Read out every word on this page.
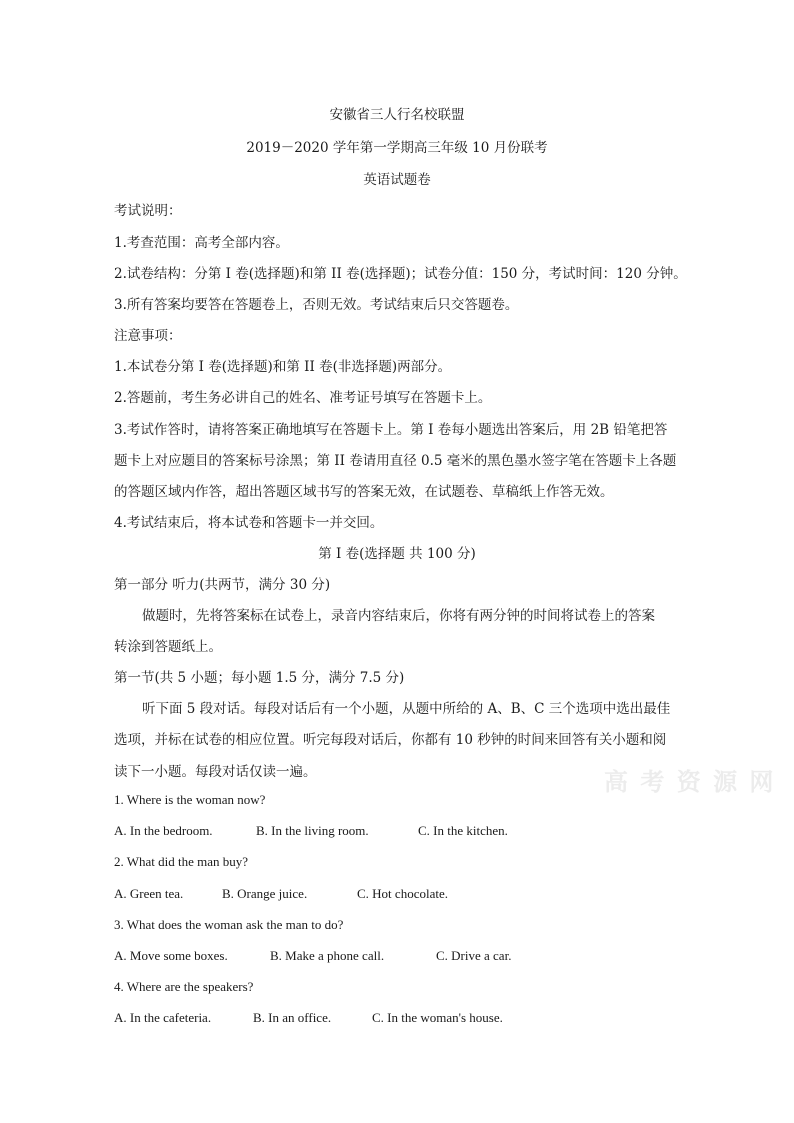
安徽省三人行名校联盟
2019－2020 学年第一学期高三年级 10 月份联考
英语试题卷
考试说明：
1.考查范围：高考全部内容。
2.试卷结构：分第 I 卷(选择题)和第 II 卷(选择题)；试卷分值：150 分，考试时间：120 分钟。
3.所有答案均要答在答题卷上，否则无效。考试结束后只交答题卷。
注意事项：
1.本试卷分第 I 卷(选择题)和第 II 卷(非选择题)两部分。
2.答题前，考生务必讲自己的姓名、准考证号填写在答题卡上。
3.考试作答时，请将答案正确地填写在答题卡上。第 I 卷每小题选出答案后，用 2B 铅笔把答
题卡上对应题目的答案标号涂黑；第 II 卷请用直径 0.5 毫米的黑色墨水签字笔在答题卡上各题
的答题区域内作答，超出答题区域书写的答案无效，在试题卷、草稿纸上作答无效。
4.考试结束后，将本试卷和答题卡一并交回。
第 I 卷(选择题 共 100 分)
第一部分 听力(共两节，满分 30 分)
做题时，先将答案标在试卷上，录音内容结束后，你将有两分钟的时间将试卷上的答案
转涂到答题纸上。
第一节(共 5 小题；每小题 1.5 分，满分 7.5 分)
听下面 5 段对话。每段对话后有一个小题，从题中所给的 A、B、C 三个选项中选出最佳
选项，并标在试卷的相应位置。听完每段对话后，你都有 10 秒钟的时间来回答有关小题和阅
读下一小题。每段对话仅读一遍。	高 考 资 源 网
1. Where is the woman now?
A. In the bedroom.	B. In the living room.	C. In the kitchen.
2. What did the man buy?
A. Green tea.	B. Orange juice.	C. Hot chocolate.
3. What does the woman ask the man to do?
A. Move some boxes.	B. Make a phone call.	C. Drive a car.
4. Where are the speakers?
A. In the cafeteria.	B. In an office.	C. In the woman's house.
